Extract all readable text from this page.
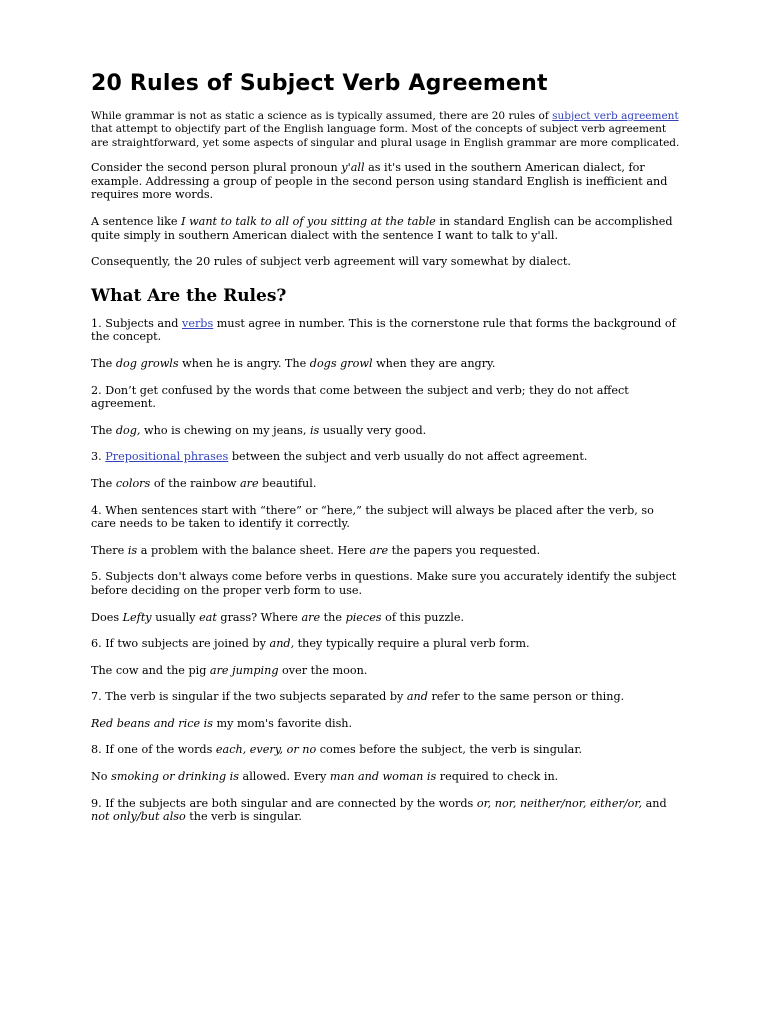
20 Rules of Subject Verb Agreement

While grammar is not as static a science as is typically assumed, there are 20 rules of subject verb agreement that attempt to objectify part of the English language form. Most of the concepts of subject verb agreement are straightforward, yet some aspects of singular and plural usage in English grammar are more complicated.

Consider the second person plural pronoun y'all as it's used in the southern American dialect, for example. Addressing a group of people in the second person using standard English is inefficient and requires more words.

A sentence like I want to talk to all of you sitting at the table in standard English can be accomplished quite simply in southern American dialect with the sentence I want to talk to y'all.

Consequently, the 20 rules of subject verb agreement will vary somewhat by dialect.

What Are the Rules?

1. Subjects and verbs must agree in number. This is the cornerstone rule that forms the background of the concept.

The dog growls when he is angry. The dogs growl when they are angry.

2. Don’t get confused by the words that come between the subject and verb; they do not affect agreement.

The dog, who is chewing on my jeans, is usually very good.

3. Prepositional phrases between the subject and verb usually do not affect agreement.

The colors of the rainbow are beautiful.

4. When sentences start with “there” or “here,” the subject will always be placed after the verb, so care needs to be taken to identify it correctly.

There is a problem with the balance sheet. Here are the papers you requested.

5. Subjects don't always come before verbs in questions. Make sure you accurately identify the subject before deciding on the proper verb form to use.

Does Lefty usually eat grass? Where are the pieces of this puzzle.

6. If two subjects are joined by and, they typically require a plural verb form.

The cow and the pig are jumping over the moon.

7. The verb is singular if the two subjects separated by and refer to the same person or thing.

Red beans and rice is my mom's favorite dish.

8. If one of the words each, every, or no comes before the subject, the verb is singular.

No smoking or drinking is allowed. Every man and woman is required to check in.

9. If the subjects are both singular and are connected by the words or, nor, neither/nor, either/or, and not only/but also the verb is singular.
